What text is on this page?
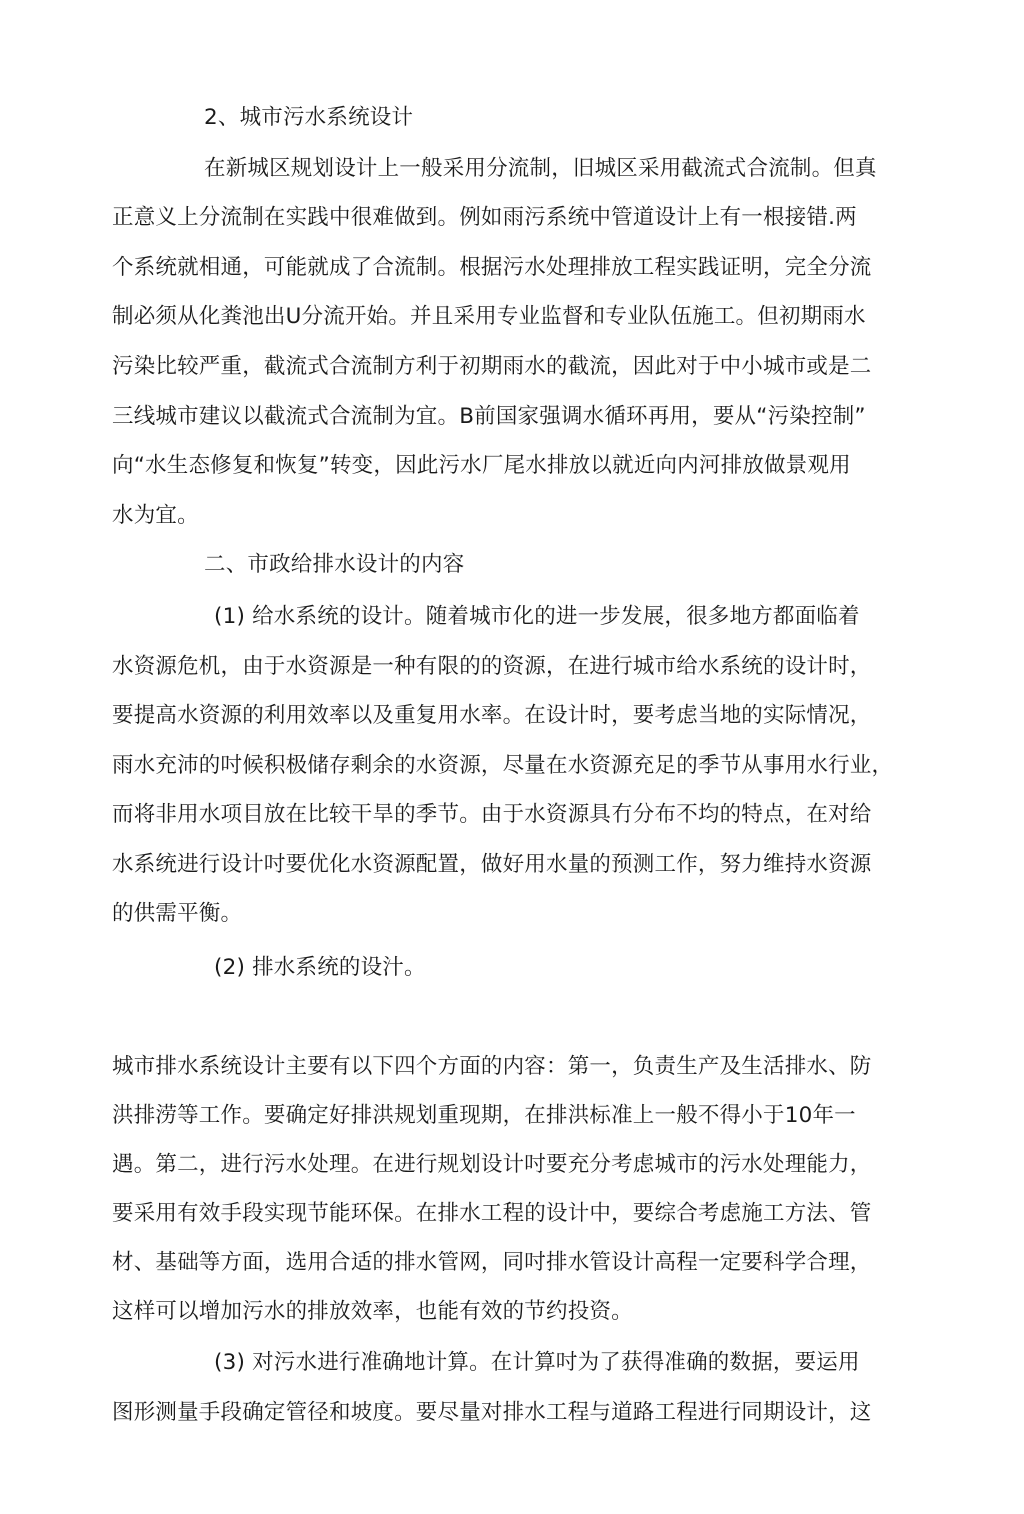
2、城市污水系统设计
在新城区规划设计上一般采用分流制，旧城区采用截流式合流制。但真
正意义上分流制在实践中很难做到。例如雨污系统中管道设计上有一根接错.两
个系统就相通，可能就成了合流制。根据污水处理排放工程实践证明，完全分流
制必须从化粪池出U分流开始。并且采用专业监督和专业队伍施工。但初期雨水
污染比较严重，截流式合流制方利于初期雨水的截流，因此对于中小城市或是二
三线城市建议以截流式合流制为宜。B前国家强调水循环再用，要从“污染控制”
向“水生态修复和恢复”转变，因此污水厂尾水排放以就近向内河排放做景观用
水为宜。
二、市政给排水设计的内容
(1) 给水系统的设计。随着城市化的进一步发展，很多地方都面临着
水资源危机，由于水资源是一种有限的的资源，在进行城市给水系统的设计时，
要提高水资源的利用效率以及重复用水率。在设计时，要考虑当地的实际情况，
雨水充沛的吋候积极储存剩余的水资源，尽量在水资源充足的季节从事用水行业，
而将非用水项目放在比较干旱的季节。由于水资源具冇分布不均的特点，在对给
水系统进行设计吋要优化水资源配置，做好用水量的预测工作，努力维持水资源
的供需平衡。
(2) 排水系统的设汁。
城市排水系统设计主要有以下四个方面的内容：第一，负责生产及生活排水、防
洪排涝等工作。要确定好排洪规划重现期，在排洪标准上一般不得小于10年一
遇。第二，进行污水处理。在进行规划设计吋要充分考虑城市的污水处理能力，
要采用有效手段实现节能环保。在排水工程的设计中，要综合考虑施工方法、管
材、基础等方面，选用合适的排水管网，同吋排水管设计高程一定要科学合理，
这样可以增加污水的排放效率，也能有效的节约投资。
(3) 对污水进行准确地计算。在计算吋为了获得准确的数据，要运用
图形测量手段确定管径和坡度。要尽量对排水工程与道路工程进行同期设计，这
